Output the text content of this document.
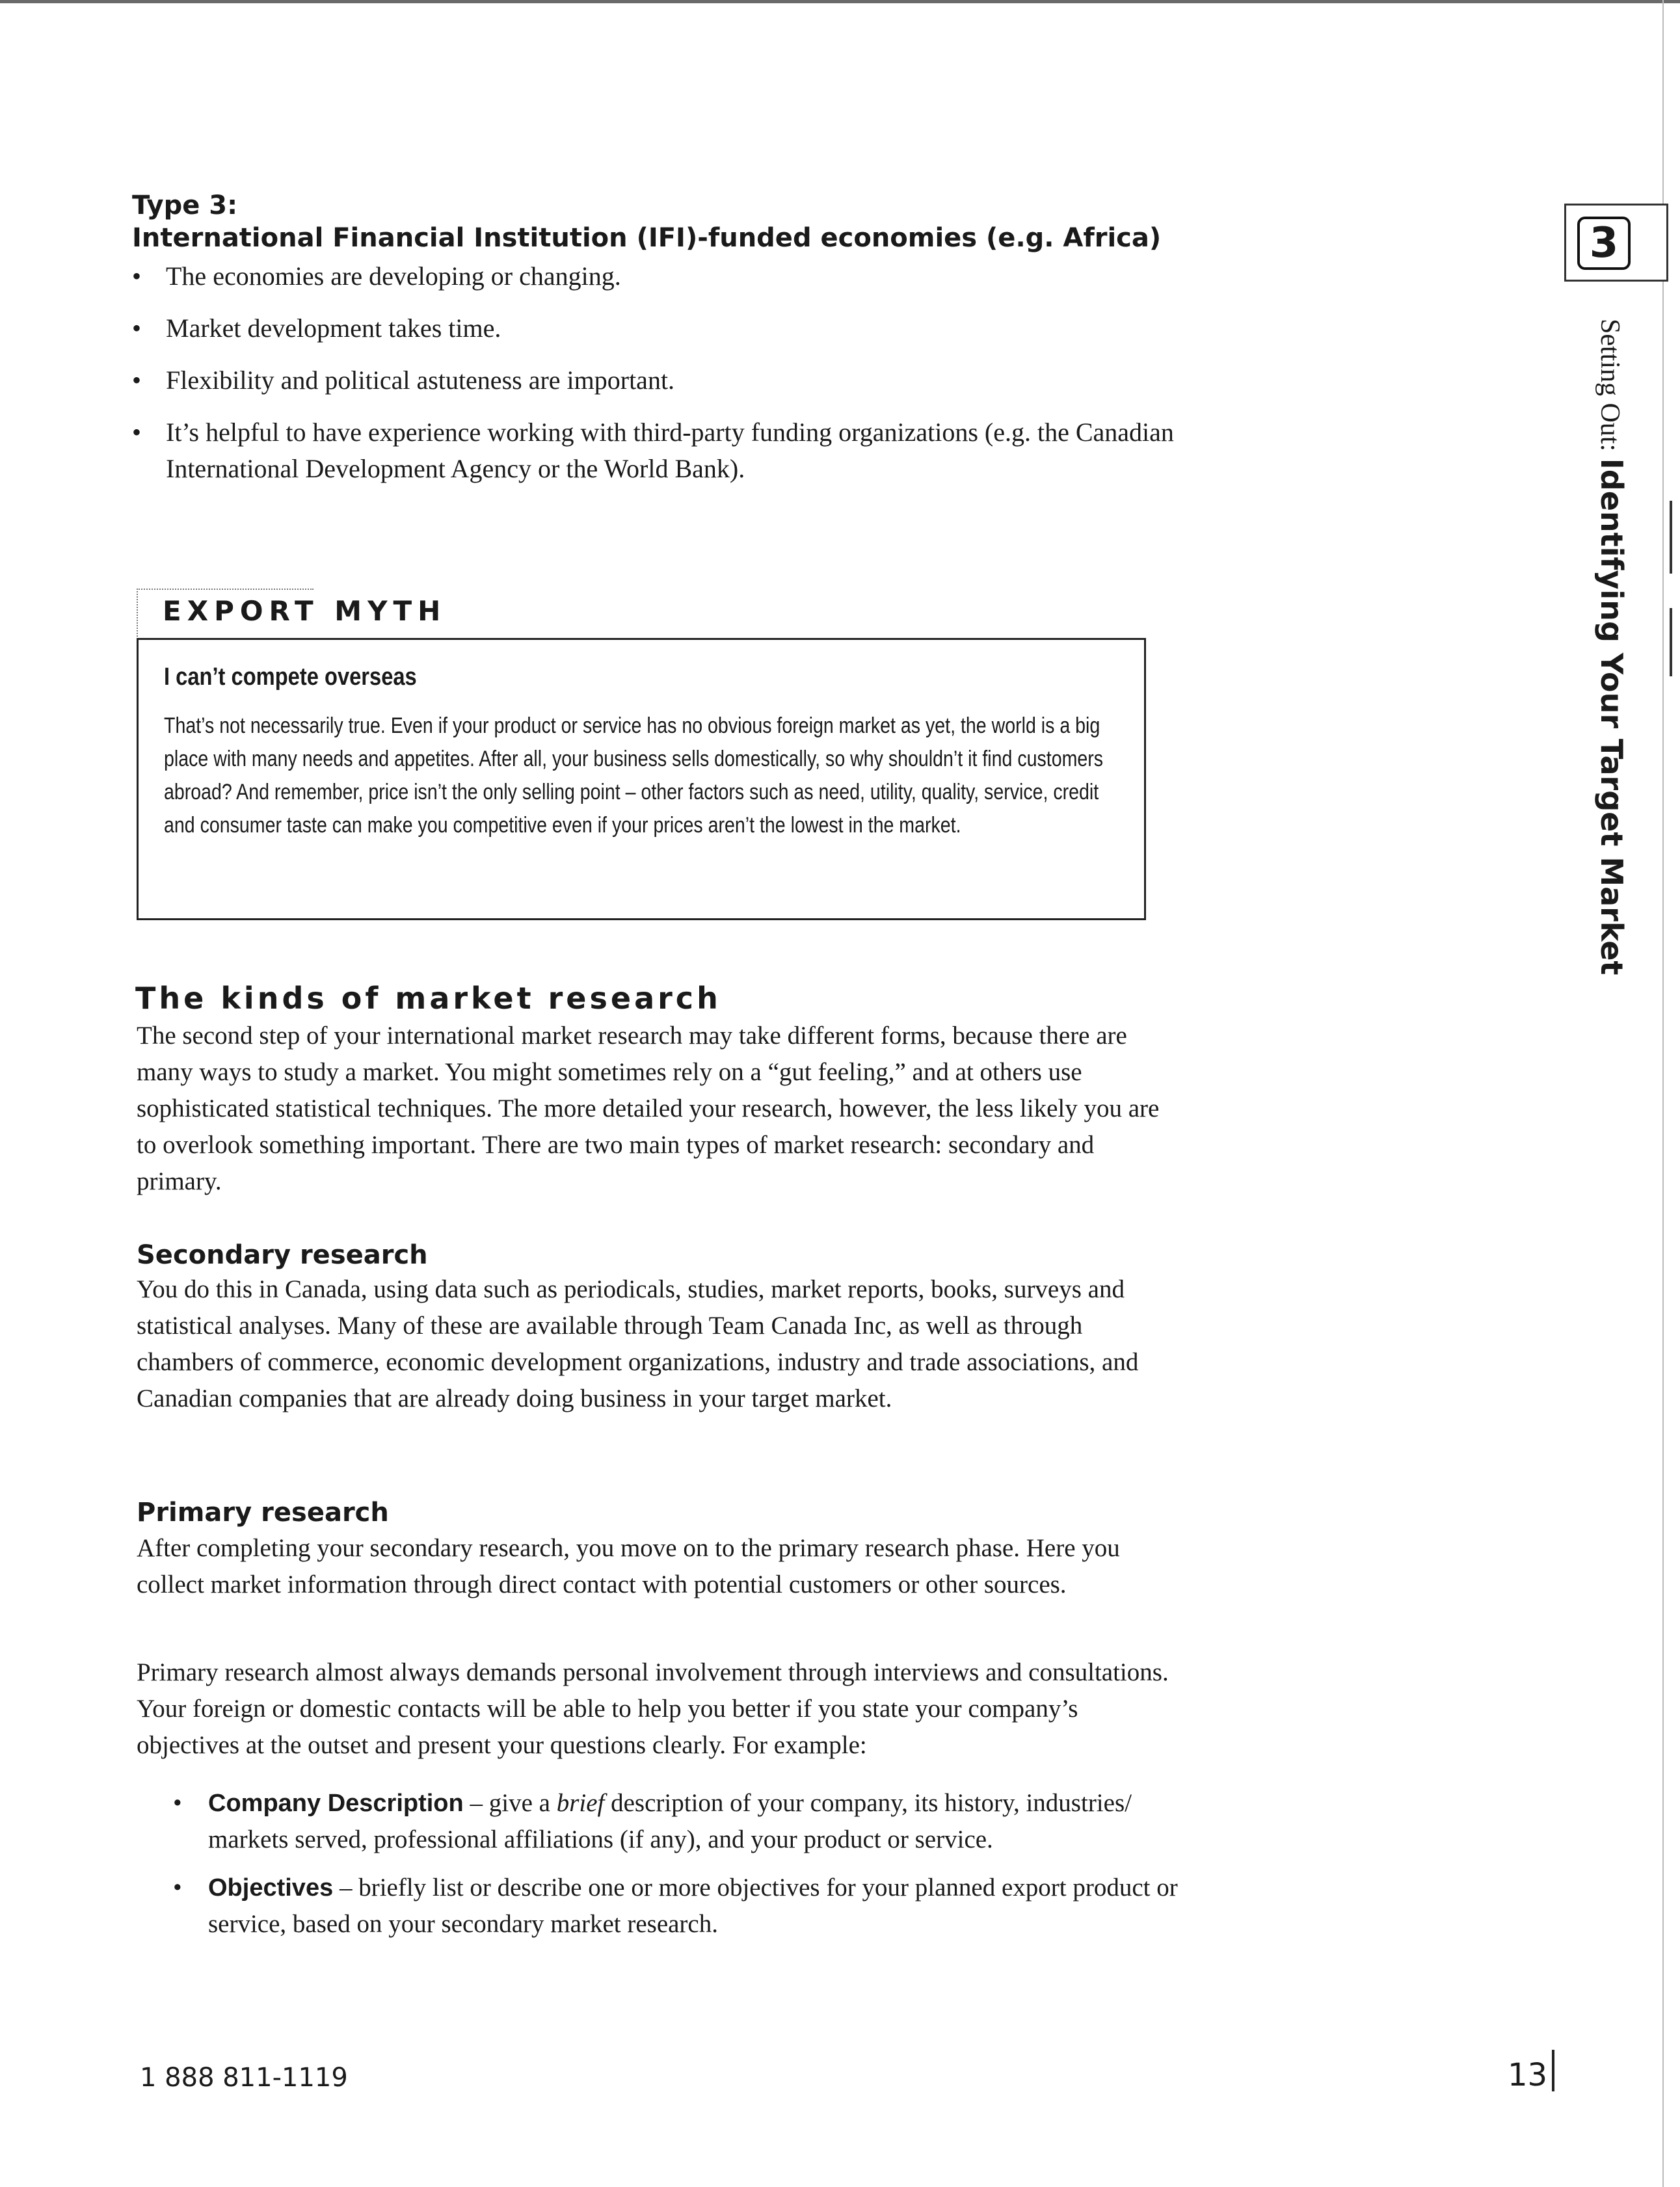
Type 3:
International Financial Institution (IFI)-funded economies (e.g. Africa)
• The economies are developing or changing.
• Market development takes time.
• Flexibility and political astuteness are important.
• It’s helpful to have experience working with third-party funding organizations (e.g. the Canadian International Development Agency or the World Bank).
EXPORT MYTH
I can’t compete overseas
That’s not necessarily true. Even if your product or service has no obvious foreign market as yet, the world is a big place with many needs and appetites. After all, your business sells domestically, so why shouldn’t it find customers abroad? And remember, price isn’t the only selling point – other factors such as need, utility, quality, service, credit and consumer taste can make you competitive even if your prices aren’t the lowest in the market.
The kinds of market research
The second step of your international market research may take different forms, because there are many ways to study a market. You might sometimes rely on a “gut feeling,” and at others use sophisticated statistical techniques. The more detailed your research, however, the less likely you are to overlook something important. There are two main types of market research: secondary and primary.
Secondary research
You do this in Canada, using data such as periodicals, studies, market reports, books, surveys and statistical analyses. Many of these are available through Team Canada Inc, as well as through chambers of commerce, economic development organizations, industry and trade associations, and Canadian companies that are already doing business in your target market.
Primary research
After completing your secondary research, you move on to the primary research phase. Here you collect market information through direct contact with potential customers or other sources.
Primary research almost always demands personal involvement through interviews and consultations. Your foreign or domestic contacts will be able to help you better if you state your company’s objectives at the outset and present your questions clearly. For example:
• Company Description – give a brief description of your company, its history, industries/ markets served, professional affiliations (if any), and your product or service.
• Objectives – briefly list or describe one or more objectives for your planned export product or service, based on your secondary market research.
1 888 811-1119	13
3
Setting Out: Identifying Your Target Market
